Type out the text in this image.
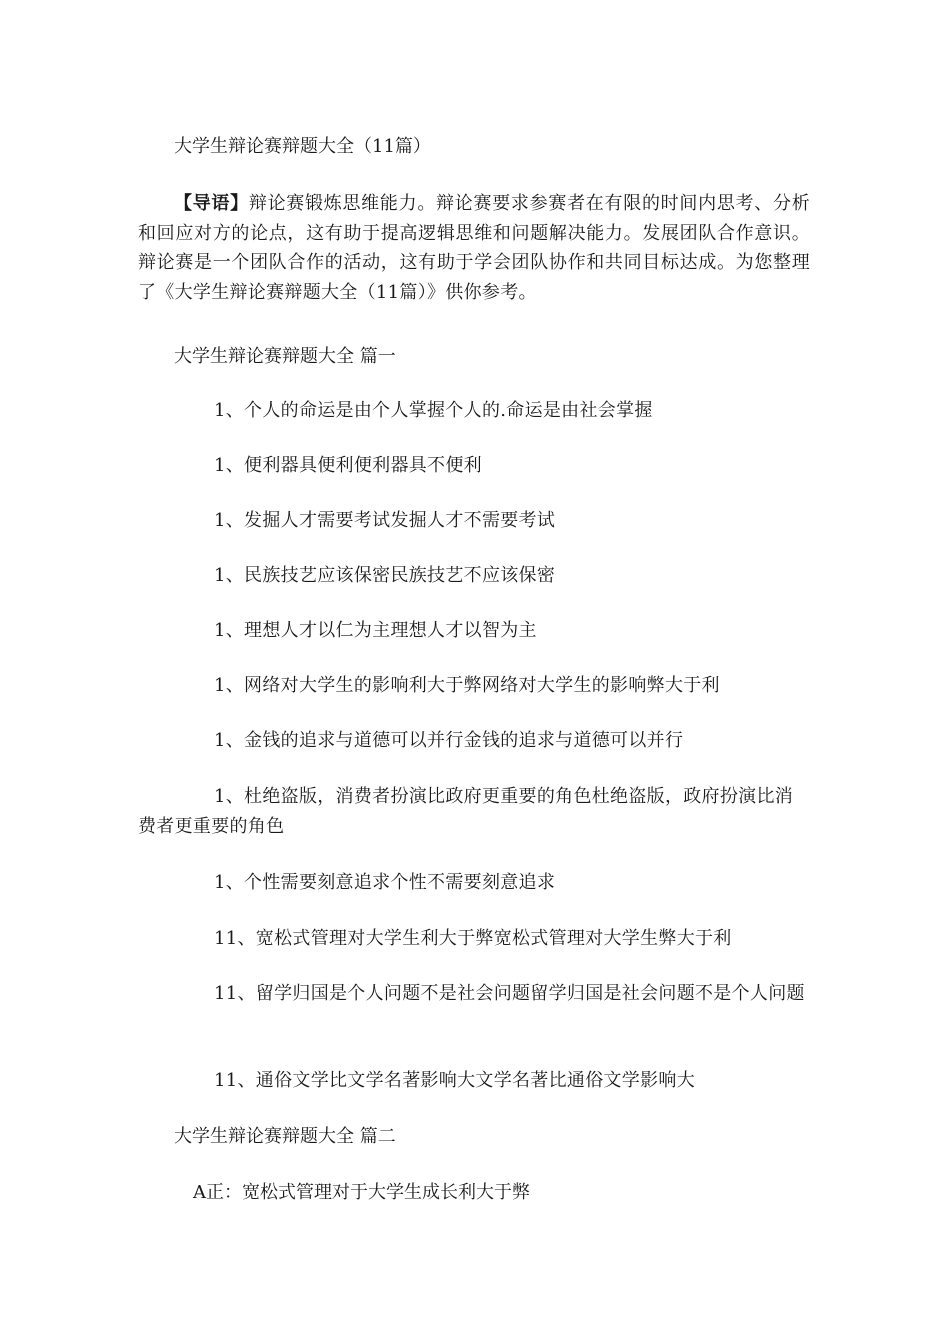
大学生辩论赛辩题大全（11篇）
【导语】辩论赛锻炼思维能力。辩论赛要求参赛者在有限的时间内思考、分析和回应对方的论点，这有助于提高逻辑思维和问题解决能力。发展团队合作意识。辩论赛是一个团队合作的活动，这有助于学会团队协作和共同目标达成。为您整理了《大学生辩论赛辩题大全（11篇）》供你参考。
大学生辩论赛辩题大全 篇一
1、个人的命运是由个人掌握个人的.命运是由社会掌握
1、便利器具便利便利器具不便利
1、发掘人才需要考试发掘人才不需要考试
1、民族技艺应该保密民族技艺不应该保密
1、理想人才以仁为主理想人才以智为主
1、网络对大学生的影响利大于弊网络对大学生的影响弊大于利
1、金钱的追求与道德可以并行金钱的追求与道德可以并行
1、杜绝盗版，消费者扮演比政府更重要的角色杜绝盗版，政府扮演比消费者更重要的角色
1、个性需要刻意追求个性不需要刻意追求
11、宽松式管理对大学生利大于弊宽松式管理对大学生弊大于利
11、留学归国是个人问题不是社会问题留学归国是社会问题不是个人问题
11、通俗文学比文学名著影响大文学名著比通俗文学影响大
大学生辩论赛辩题大全 篇二
A正：宽松式管理对于大学生成长利大于弊
